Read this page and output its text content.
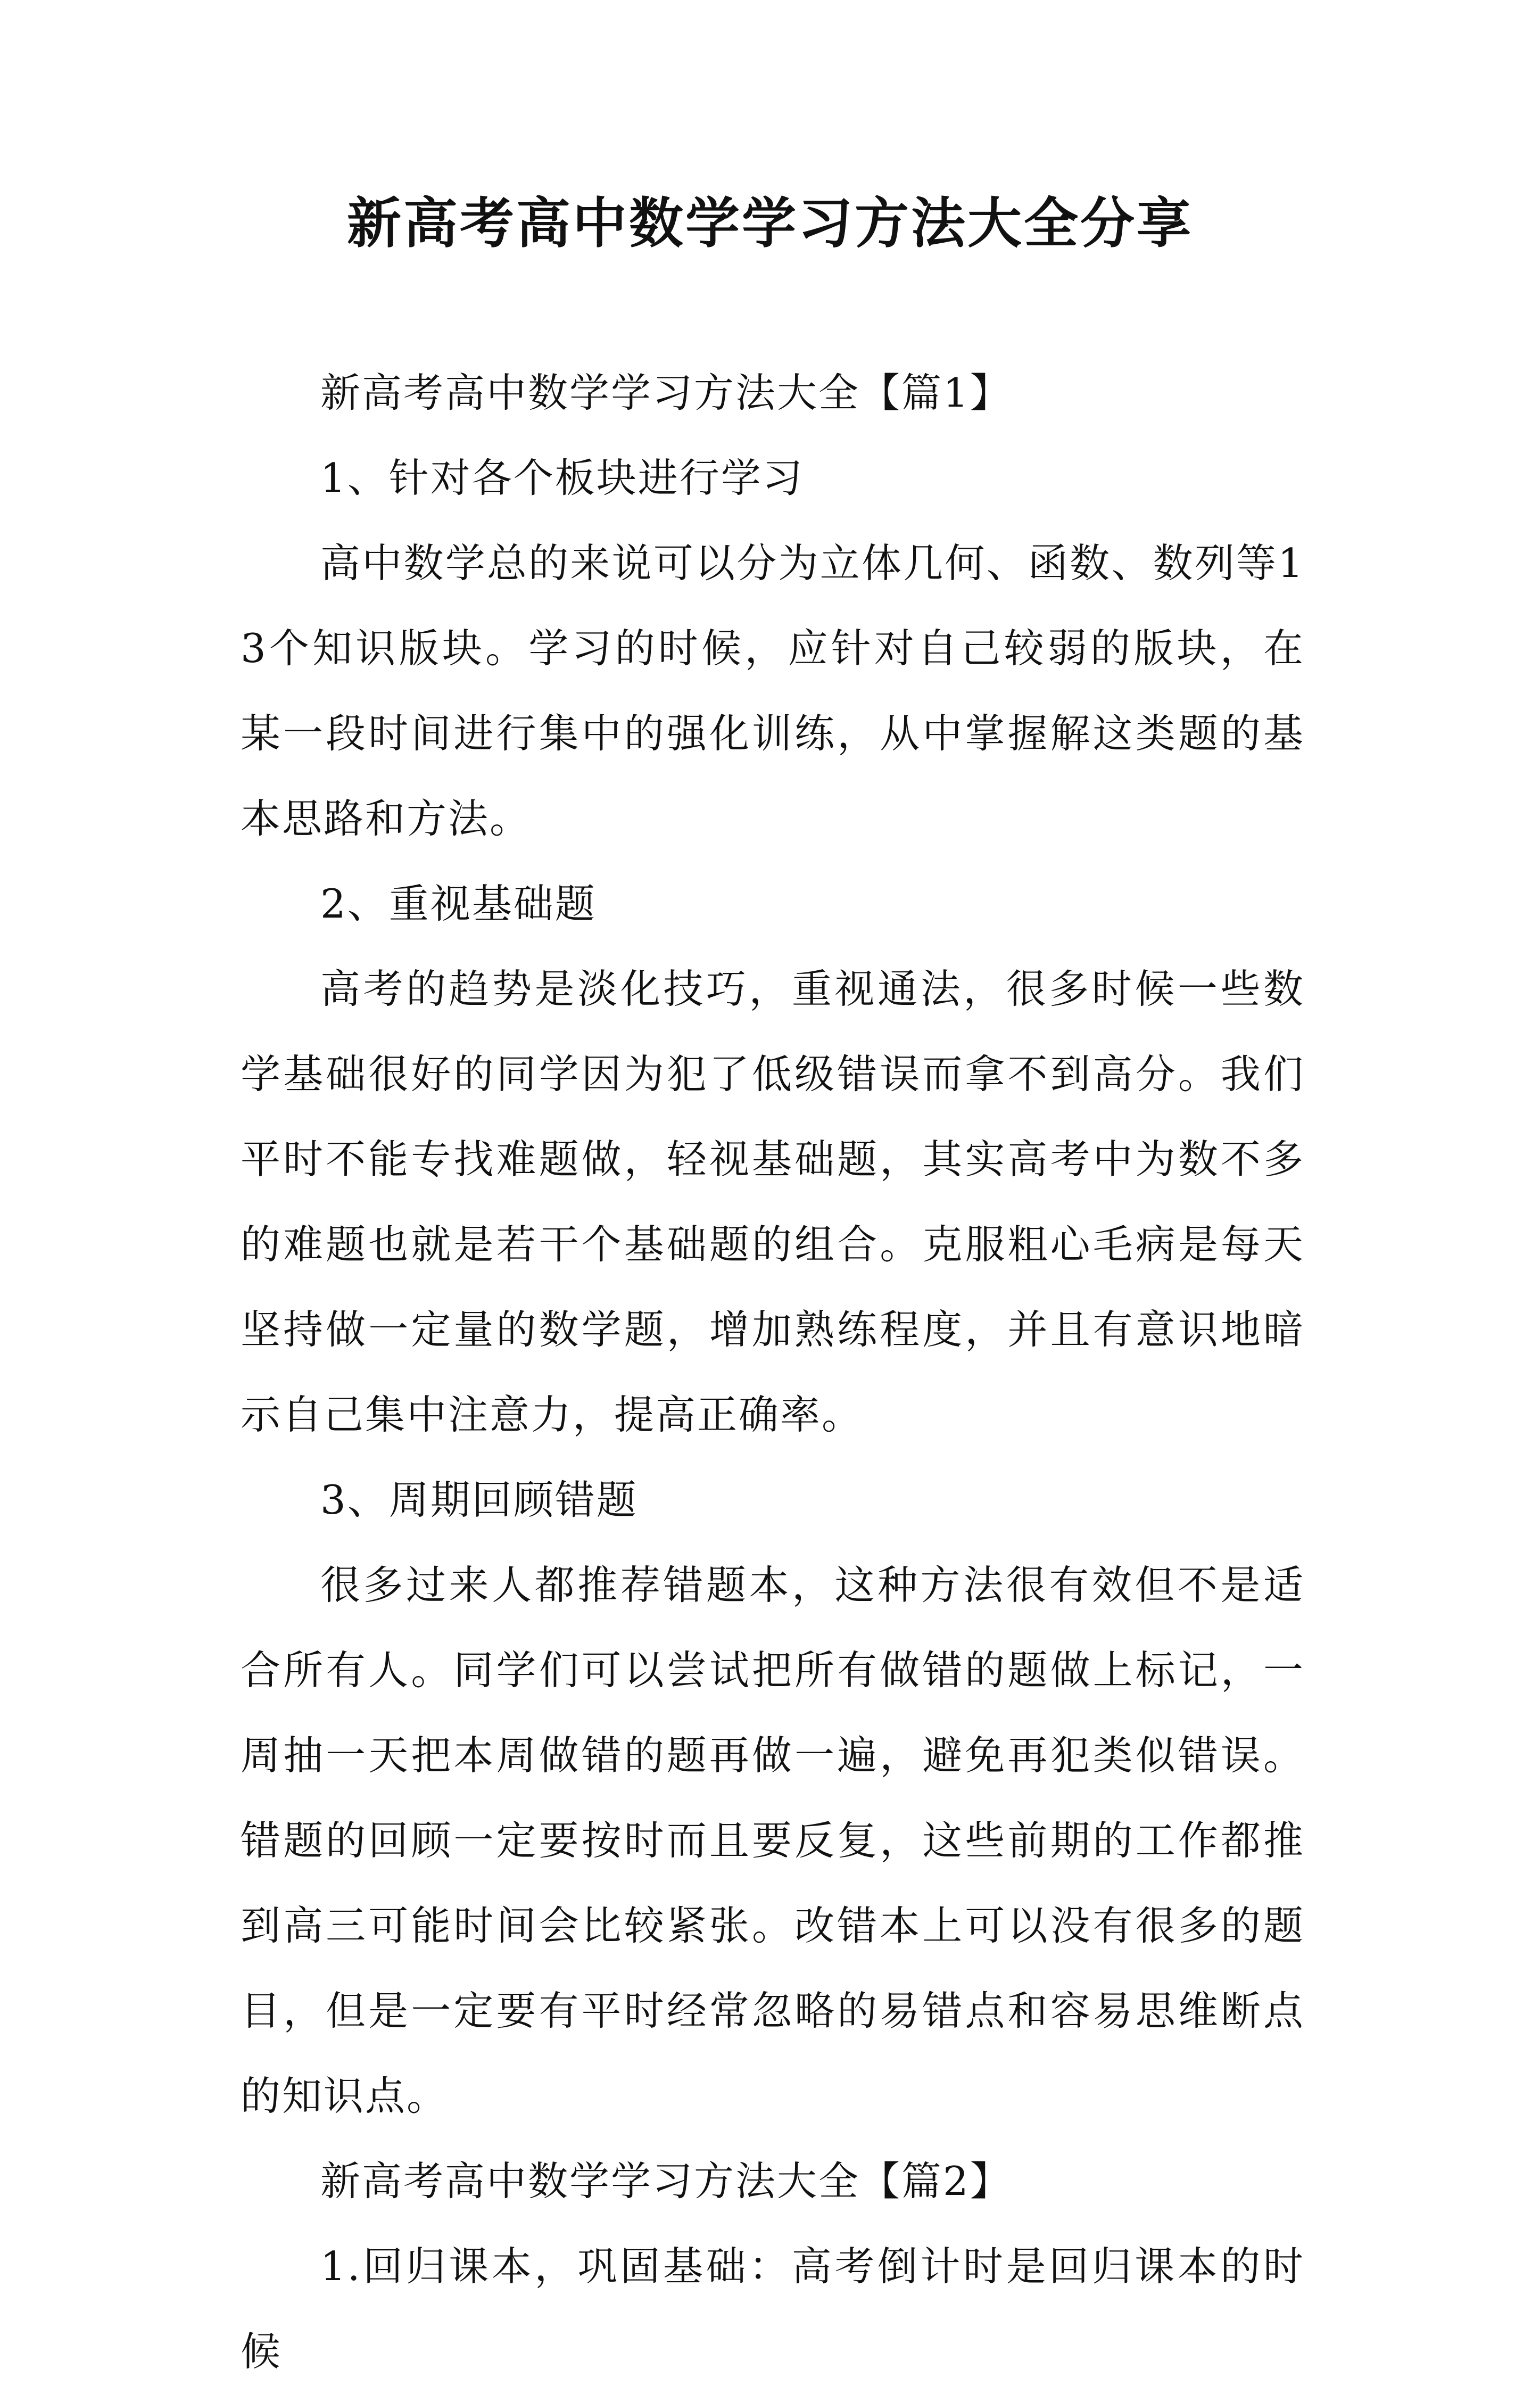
新高考高中数学学习方法大全分享

新高考高中数学学习方法大全【篇1】

1、针对各个板块进行学习

高中数学总的来说可以分为立体几何、函数、数列等13个知识版块。学习的时候，应针对自己较弱的版块，在某一段时间进行集中的强化训练，从中掌握解这类题的基本思路和方法。

2、重视基础题

高考的趋势是淡化技巧，重视通法，很多时候一些数学基础很好的同学因为犯了低级错误而拿不到高分。我们平时不能专找难题做，轻视基础题，其实高考中为数不多的难题也就是若干个基础题的组合。克服粗心毛病是每天坚持做一定量的数学题，增加熟练程度，并且有意识地暗示自己集中注意力，提高正确率。

3、周期回顾错题

很多过来人都推荐错题本，这种方法很有效但不是适合所有人。同学们可以尝试把所有做错的题做上标记，一周抽一天把本周做错的题再做一遍，避免再犯类似错误。错题的回顾一定要按时而且要反复，这些前期的工作都推到高三可能时间会比较紧张。改错本上可以没有很多的题目，但是一定要有平时经常忽略的易错点和容易思维断点的知识点。

新高考高中数学学习方法大全【篇2】

1.回归课本，巩固基础：高考倒计时是回归课本的时候
